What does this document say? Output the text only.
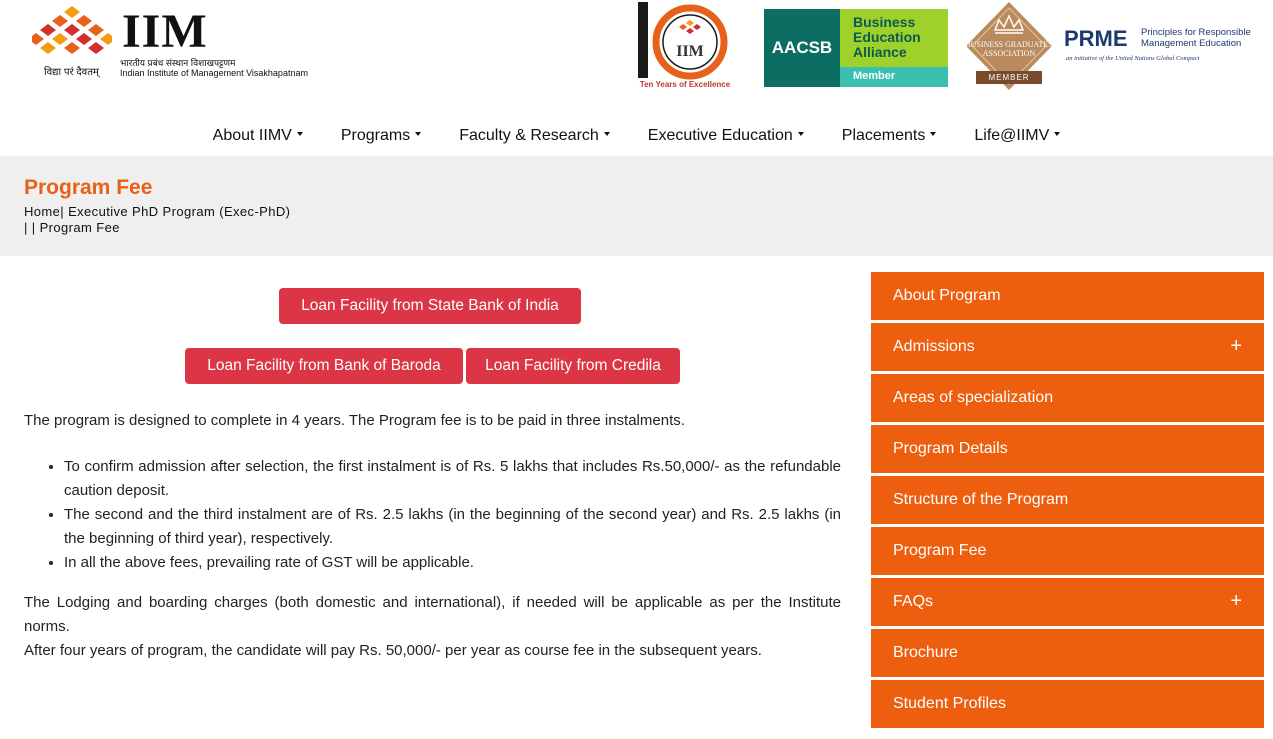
IIM
विद्या परं दैवतम्
भारतीय प्रबंध संस्थान विशाखपट्टणम
Indian Institute of Management Visakhapatnam
IIM
Ten Years of Excellence
AACSB
Business Education Alliance
Member
BUSINESS GRADUATES ASSOCIATION
MEMBER
PRME Principles for Responsible
Management Education
an initiative of the United Nations Global Compact
About IIMV	Programs	Faculty & Research	Executive Education	Placements	Life@IIMV
Program Fee
Home| Executive PhD Program (Exec-PhD)
| | Program Fee
Loan Facility from State Bank of India
Loan Facility from Bank of Baroda	Loan Facility from Credila

The program is designed to complete in 4 years. The Program fee is to be paid in three instalments.

• To confirm admission after selection, the first instalment is of Rs. 5 lakhs that includes Rs.50,000/- as the refundable caution deposit.
• The second and the third instalment are of Rs. 2.5 lakhs (in the beginning of the second year) and Rs. 2.5 lakhs (in the beginning of third year), respectively.
• In all the above fees, prevailing rate of GST will be applicable.

The Lodging and boarding charges (both domestic and international), if needed will be applicable as per the Institute norms.

After four years of program, the candidate will pay Rs. 50,000/- per year as course fee in the subsequent years.

About Program
Admissions	+
Areas of specialization
Program Details
Structure of the Program
Program Fee
FAQs	+
Brochure
Student Profiles
